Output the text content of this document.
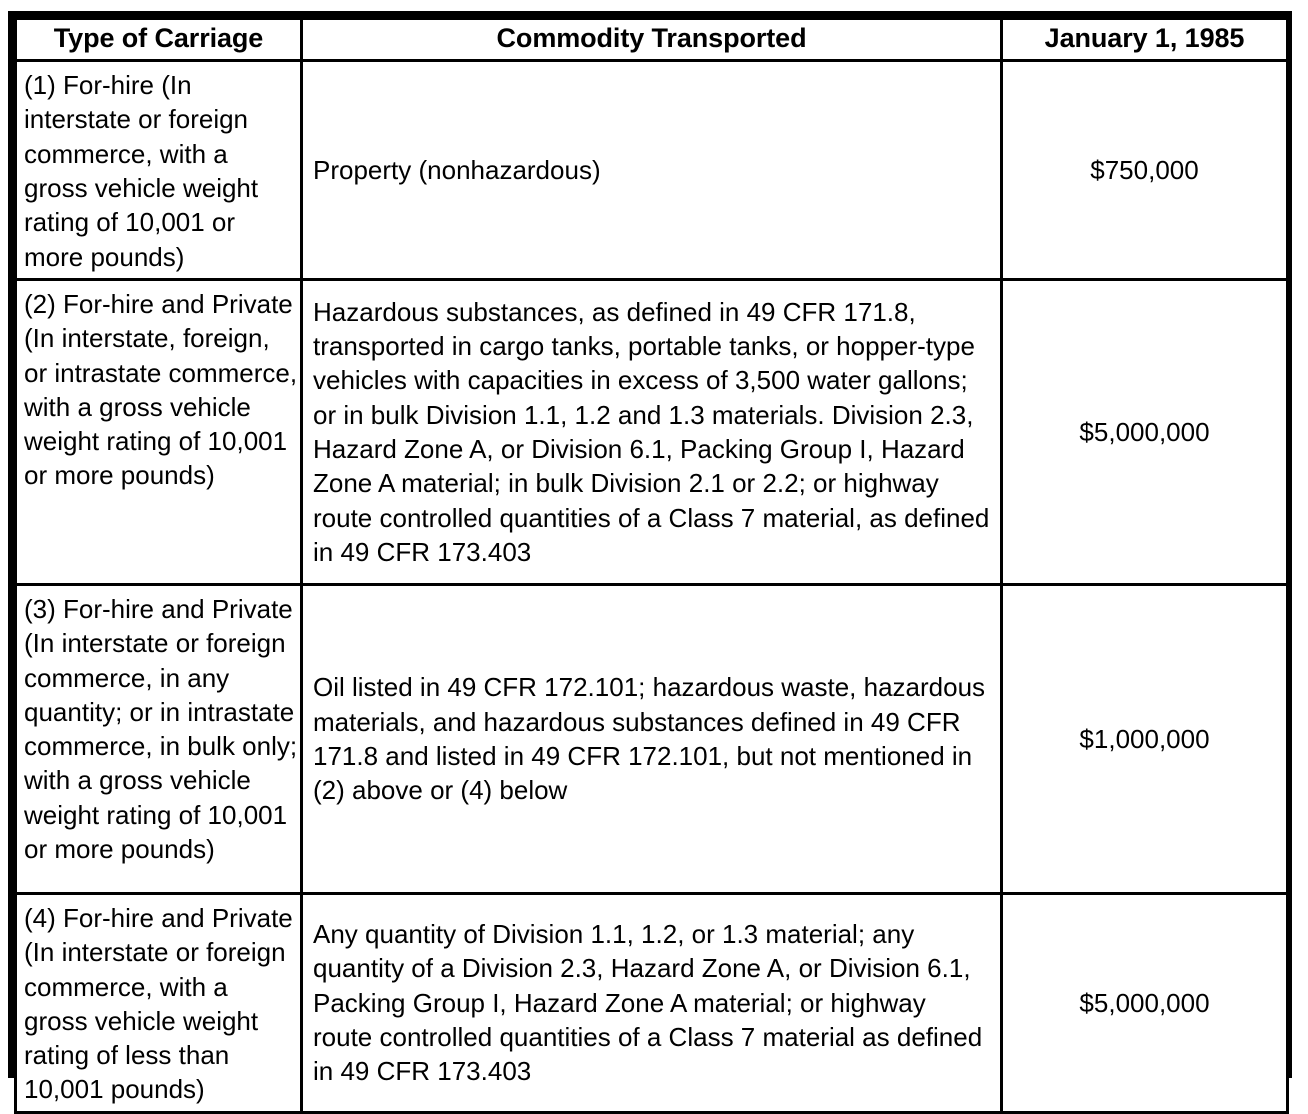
Type of Carriage	Commodity Transported	January 1, 1985

(1) For-hire (In interstate or foreign commerce, with a gross vehicle weight rating of 10,001 or more pounds)	Property (nonhazardous)	$750,000

(2) For-hire and Private (In interstate, foreign, or intrastate commerce, with a gross vehicle weight rating of 10,001 or more pounds)	Hazardous substances, as defined in 49 CFR 171.8, transported in cargo tanks, portable tanks, or hopper-type vehicles with capacities in excess of 3,500 water gallons; or in bulk Division 1.1, 1.2 and 1.3 materials. Division 2.3, Hazard Zone A, or Division 6.1, Packing Group I, Hazard Zone A material; in bulk Division 2.1 or 2.2; or highway route controlled quantities of a Class 7 material, as defined in 49 CFR 173.403	$5,000,000

(3) For-hire and Private (In interstate or foreign commerce, in any quantity; or in intrastate commerce, in bulk only; with a gross vehicle weight rating of 10,001 or more pounds)	Oil listed in 49 CFR 172.101; hazardous waste, hazardous materials, and hazardous substances defined in 49 CFR 171.8 and listed in 49 CFR 172.101, but not mentioned in (2) above or (4) below	$1,000,000

(4) For-hire and Private (In interstate or foreign commerce, with a gross vehicle weight rating of less than 10,001 pounds)	Any quantity of Division 1.1, 1.2, or 1.3 material; any quantity of a Division 2.3, Hazard Zone A, or Division 6.1, Packing Group I, Hazard Zone A material; or highway route controlled quantities of a Class 7 material as defined in 49 CFR 173.403	$5,000,000
